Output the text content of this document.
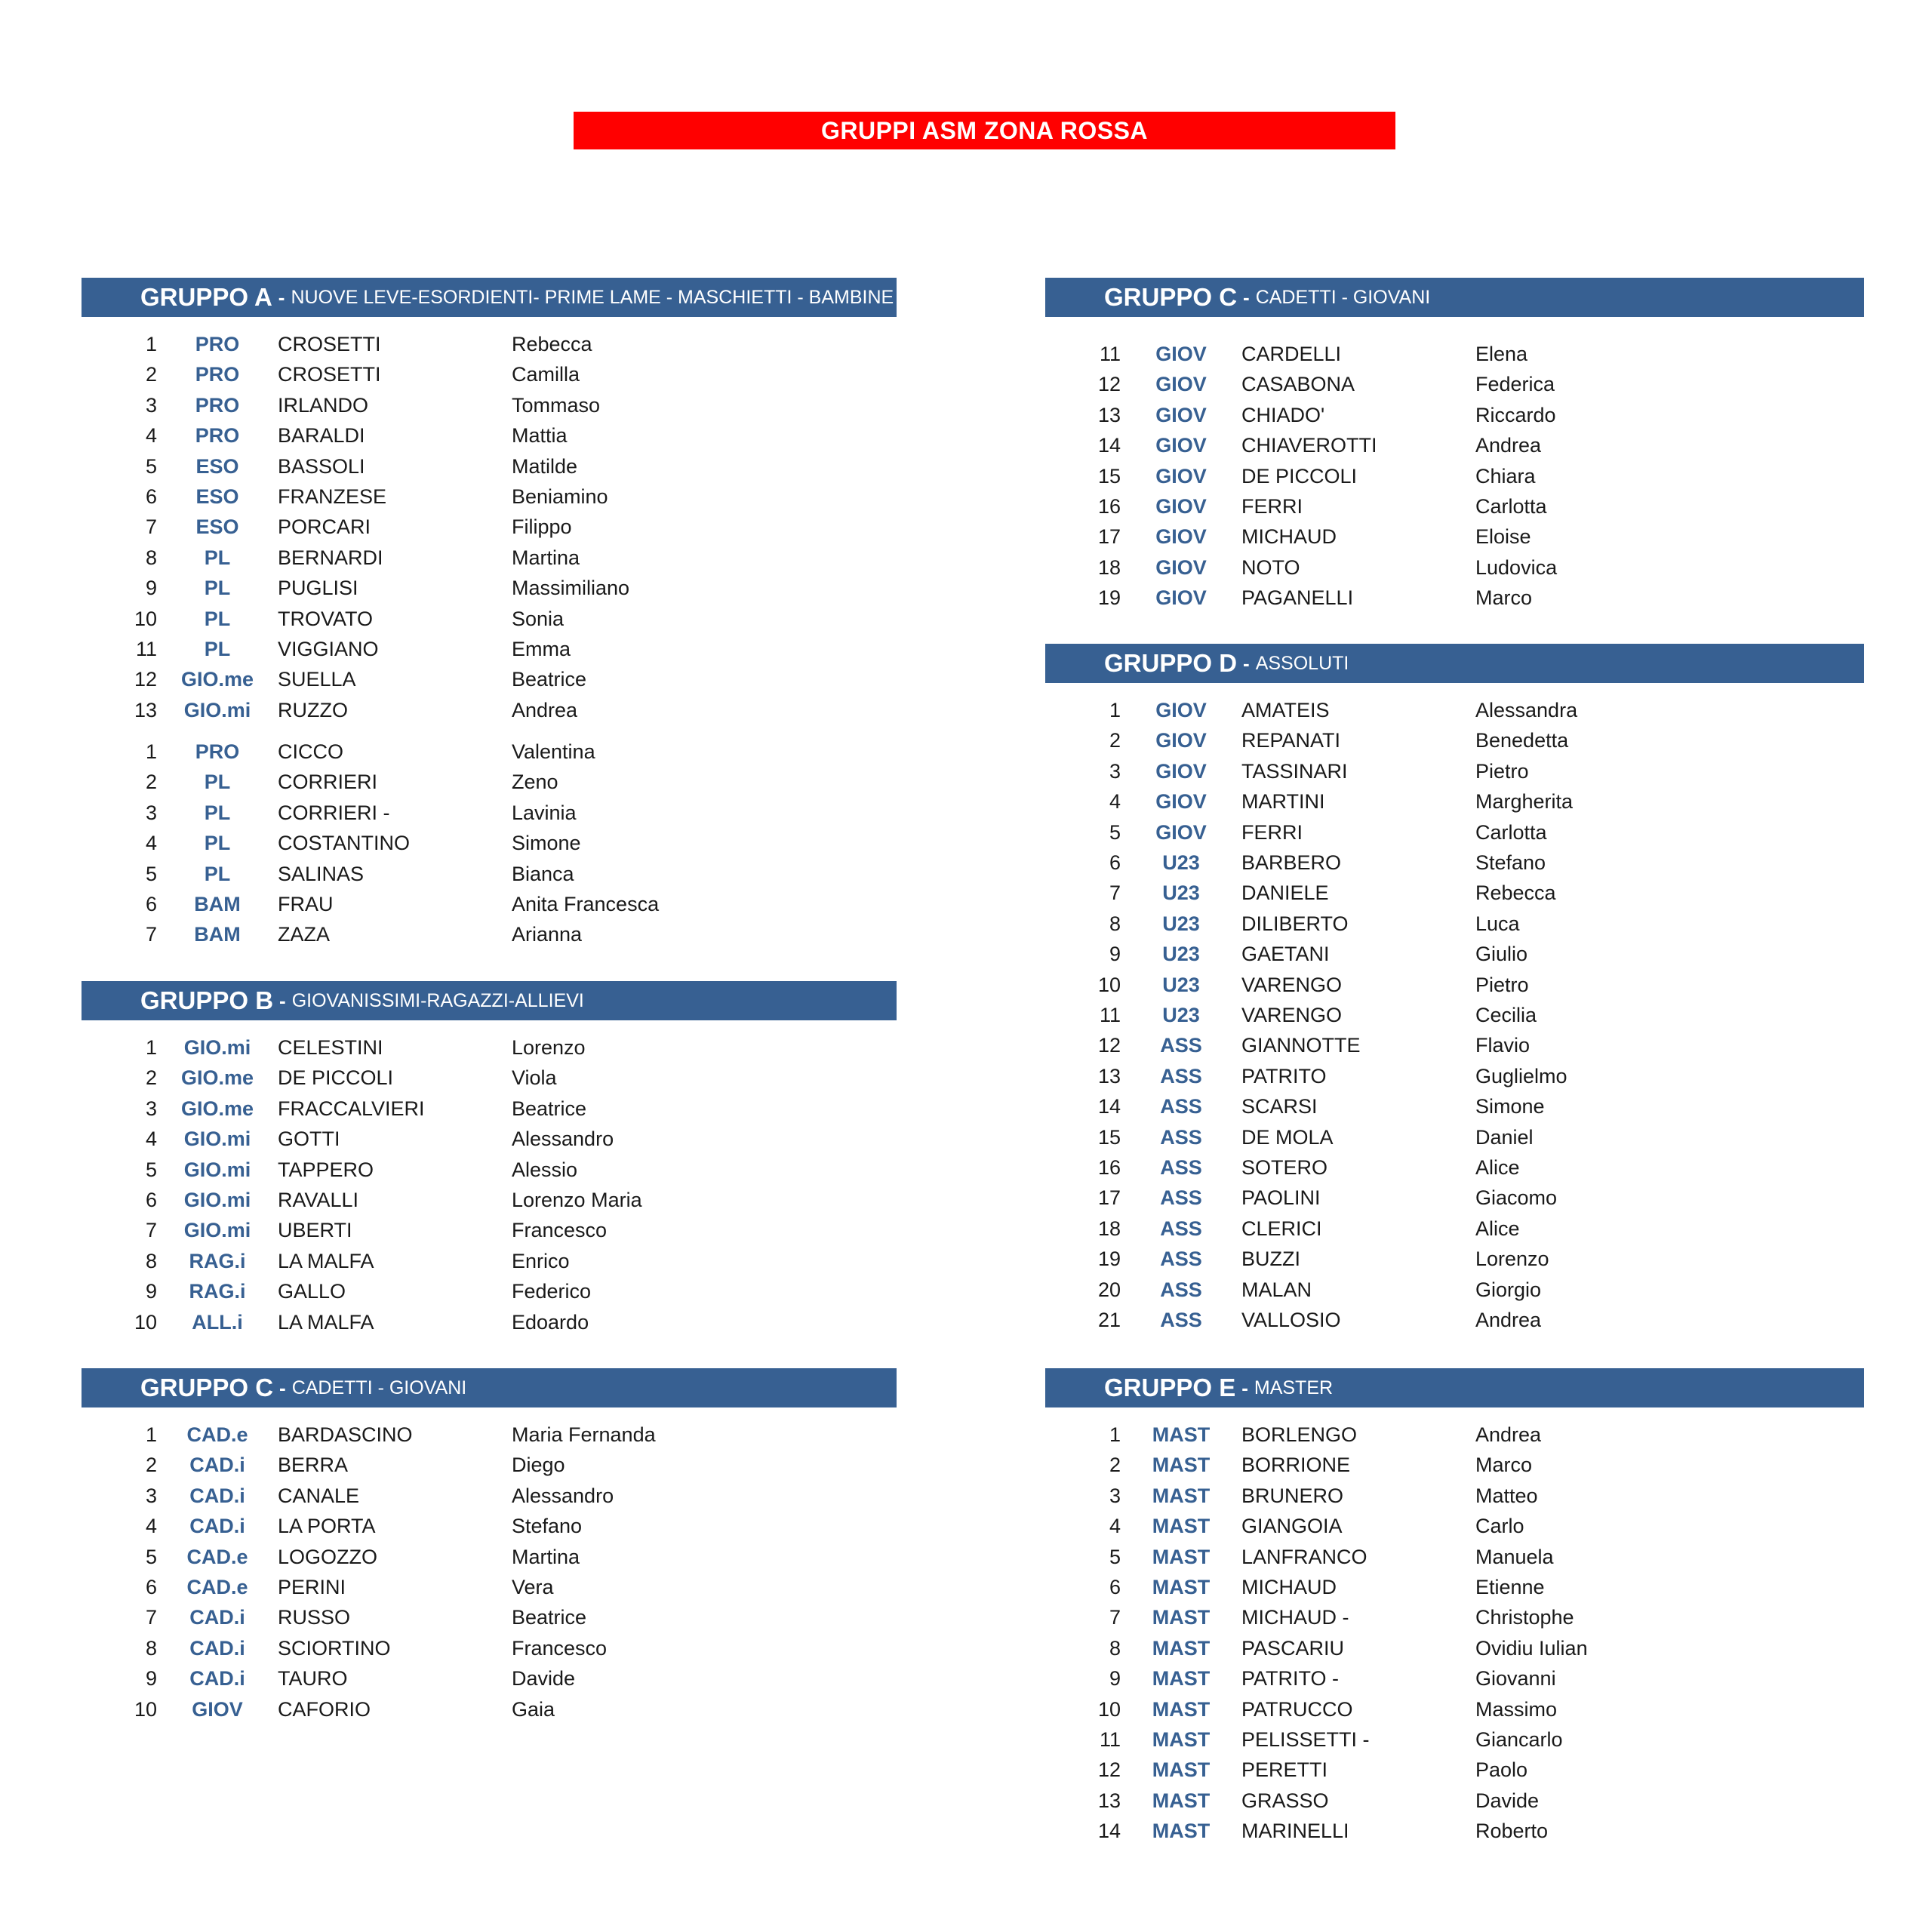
GRUPPI ASM ZONA ROSSA
GRUPPO A - NUOVE LEVE-ESORDIENTI- PRIME LAME - MASCHIETTI - BAMBINE
1	PRO	CROSETTI	Rebecca
2	PRO	CROSETTI	Camilla
3	PRO	IRLANDO	Tommaso
4	PRO	BARALDI	Mattia
5	ESO	BASSOLI	Matilde
6	ESO	FRANZESE	Beniamino
7	ESO	PORCARI	Filippo
8	PL	BERNARDI	Martina
9	PL	PUGLISI	Massimiliano
10	PL	TROVATO	Sonia
11	PL	VIGGIANO	Emma
12	GIO.me	SUELLA	Beatrice
13	GIO.mi	RUZZO	Andrea
1	PRO	CICCO	Valentina
2	PL	CORRIERI	Zeno
3	PL	CORRIERI -	Lavinia
4	PL	COSTANTINO	Simone
5	PL	SALINAS	Bianca
6	BAM	FRAU	Anita Francesca
7	BAM	ZAZA	Arianna
GRUPPO B - GIOVANISSIMI-RAGAZZI-ALLIEVI
1	GIO.mi	CELESTINI	Lorenzo
2	GIO.me	DE PICCOLI	Viola
3	GIO.me	FRACCALVIERI	Beatrice
4	GIO.mi	GOTTI	Alessandro
5	GIO.mi	TAPPERO	Alessio
6	GIO.mi	RAVALLI	Lorenzo Maria
7	GIO.mi	UBERTI	Francesco
8	RAG.i	LA MALFA	Enrico
9	RAG.i	GALLO	Federico
10	ALL.i	LA MALFA	Edoardo
GRUPPO C - CADETTI - GIOVANI
1	CAD.e	BARDASCINO	Maria Fernanda
2	CAD.i	BERRA	Diego
3	CAD.i	CANALE	Alessandro
4	CAD.i	LA PORTA	Stefano
5	CAD.e	LOGOZZO	Martina
6	CAD.e	PERINI	Vera
7	CAD.i	RUSSO	Beatrice
8	CAD.i	SCIORTINO	Francesco
9	CAD.i	TAURO	Davide
10	GIOV	CAFORIO	Gaia
GRUPPO C - CADETTI - GIOVANI
11	GIOV	CARDELLI	Elena
12	GIOV	CASABONA	Federica
13	GIOV	CHIADO'	Riccardo
14	GIOV	CHIAVEROTTI	Andrea
15	GIOV	DE PICCOLI	Chiara
16	GIOV	FERRI	Carlotta
17	GIOV	MICHAUD	Eloise
18	GIOV	NOTO	Ludovica
19	GIOV	PAGANELLI	Marco
GRUPPO D - ASSOLUTI
1	GIOV	AMATEIS	Alessandra
2	GIOV	REPANATI	Benedetta
3	GIOV	TASSINARI	Pietro
4	GIOV	MARTINI	Margherita
5	GIOV	FERRI	Carlotta
6	U23	BARBERO	Stefano
7	U23	DANIELE	Rebecca
8	U23	DILIBERTO	Luca
9	U23	GAETANI	Giulio
10	U23	VARENGO	Pietro
11	U23	VARENGO	Cecilia
12	ASS	GIANNOTTE	Flavio
13	ASS	PATRITO	Guglielmo
14	ASS	SCARSI	Simone
15	ASS	DE MOLA	Daniel
16	ASS	SOTERO	Alice
17	ASS	PAOLINI	Giacomo
18	ASS	CLERICI	Alice
19	ASS	BUZZI	Lorenzo
20	ASS	MALAN	Giorgio
21	ASS	VALLOSIO	Andrea
GRUPPO E - MASTER
1	MAST	BORLENGO	Andrea
2	MAST	BORRIONE	Marco
3	MAST	BRUNERO	Matteo
4	MAST	GIANGOIA	Carlo
5	MAST	LANFRANCO	Manuela
6	MAST	MICHAUD	Etienne
7	MAST	MICHAUD -	Christophe
8	MAST	PASCARIU	Ovidiu Iulian
9	MAST	PATRITO -	Giovanni
10	MAST	PATRUCCO	Massimo
11	MAST	PELISSETTI -	Giancarlo
12	MAST	PERETTI	Paolo
13	MAST	GRASSO	Davide
14	MAST	MARINELLI	Roberto
